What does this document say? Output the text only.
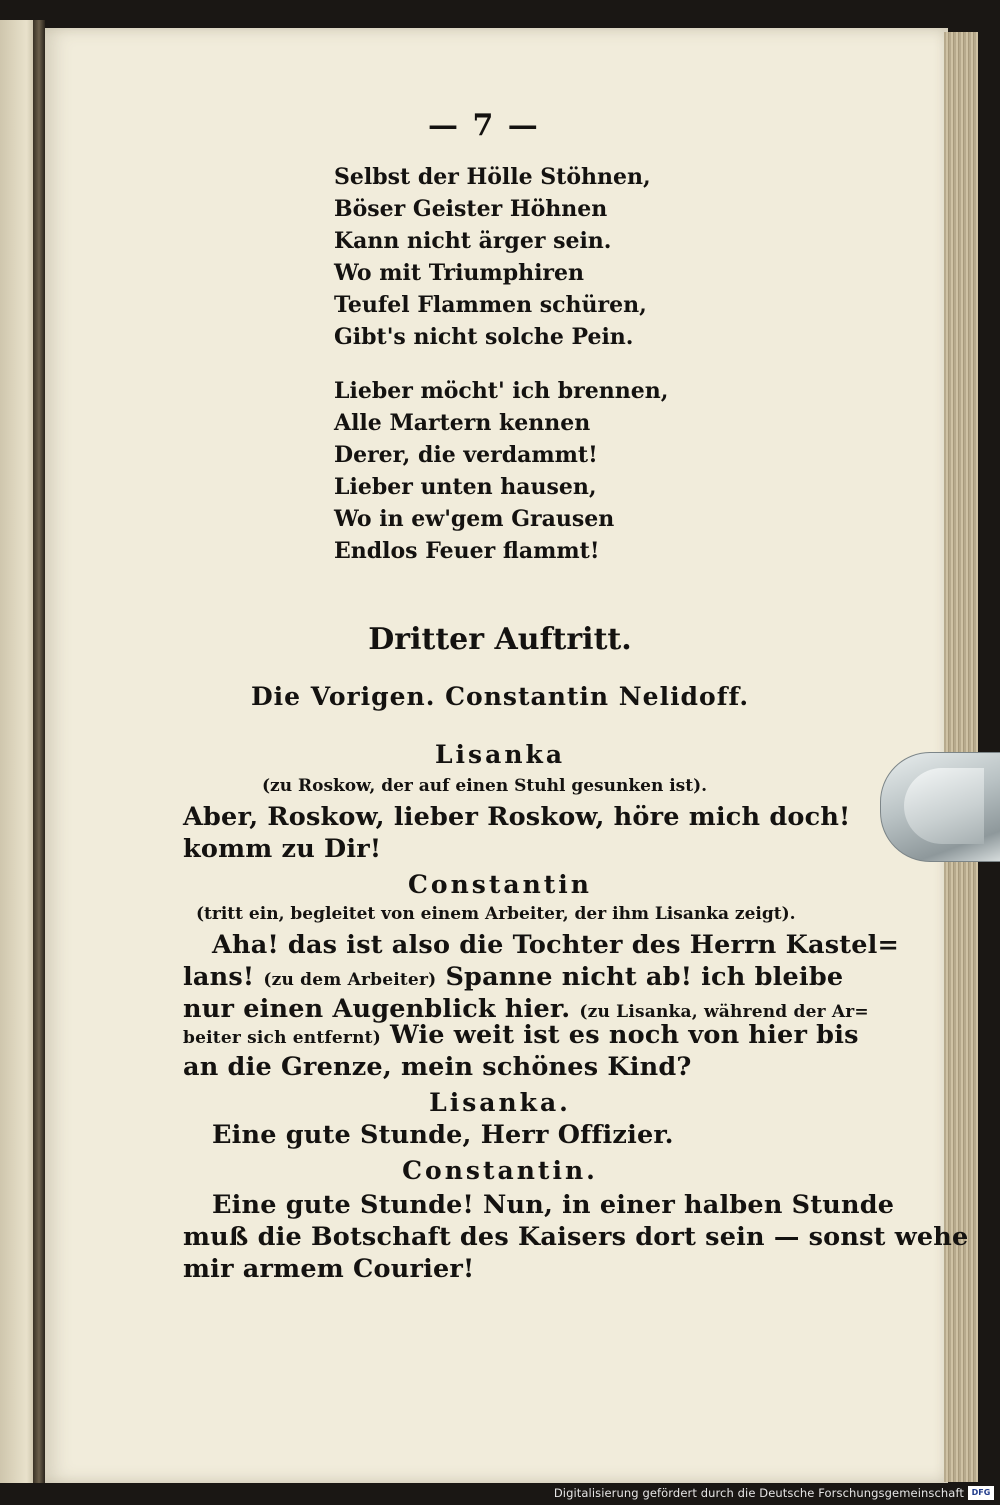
— 7 —
Selbst der Hölle Stöhnen,
Böser Geister Höhnen
Kann nicht ärger sein.
Wo mit Triumphiren
Teufel Flammen schüren,
Gibt's nicht solche Pein.
Lieber möcht' ich brennen,
Alle Martern kennen
Derer, die verdammt!
Lieber unten hausen,
Wo in ew'gem Grausen
Endlos Feuer flammt!
Dritter Auftritt.
Die Vorigen. Constantin Nelidoff.
Lisanka
(zu Roskow, der auf einen Stuhl gesunken ist).
Aber, Roskow, lieber Roskow, höre mich doch!
komm zu Dir!
Constantin
(tritt ein, begleitet von einem Arbeiter, der ihm Lisanka zeigt).
Aha! das ist also die Tochter des Herrn Kastel=
lans! (zu dem Arbeiter) Spanne nicht ab! ich bleibe
nur einen Augenblick hier. (zu Lisanka, während der Ar=
beiter sich entfernt) Wie weit ist es noch von hier bis
an die Grenze, mein schönes Kind?
Lisanka.
Eine gute Stunde, Herr Offizier.
Constantin.
Eine gute Stunde! Nun, in einer halben Stunde
muß die Botschaft des Kaisers dort sein — sonst wehe
mir armem Courier!
Digitalisierung gefördert durch die Deutsche Forschungsgemeinschaft DFG
